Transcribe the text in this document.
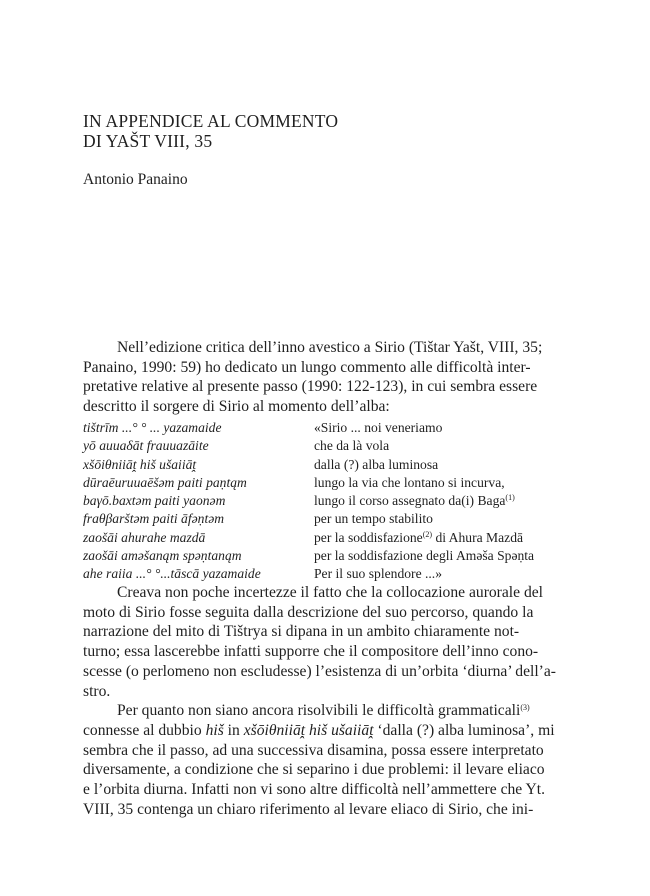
IN APPENDICE AL COMMENTO
DI YAŠT VIII, 35
Antonio Panaino

Nell’edizione critica dell’inno avestico a Sirio (Tištar Yašt, VIII, 35;

Panaino, 1990: 59) ho dedicato un lungo commento alle difficoltà inter-

pretative relative al presente passo (1990: 122-123), in cui sembra essere

descritto il sorgere di Sirio al momento dell’alba:

tištrīm ...° ° ... yazamaide	«Sirio ... noi veneriamo
yō auuaδāt frauuazāite	che da là vola
xšōiθniiāṱ hiš ušaiiāṱ	dalla (?) alba luminosa
dūraēuruuaēšəm paiti paṇtąm	lungo la via che lontano si incurva,
baγō.baxtəm paiti yaonəm	lungo il corso assegnato da(i) Baga$^{(1)}$
fraθβarštəm paiti āfəṇtəm	per un tempo stabilito
zaošāi ahurahe mazdā	per la soddisfazione$^{(2)}$ di Ahura Mazdā
zaošāi aməšanąm spəṇtanąm	per la soddisfazione degli Aməša Spəṇta
ahe raiia ...° °...tāscā yazamaide	Per il suo splendore ...»

Creava non poche incertezze il fatto che la collocazione aurorale del

moto di Sirio fosse seguita dalla descrizione del suo percorso, quando la

narrazione del mito di Tištrya si dipana in un ambito chiaramente not-

turno; essa lascerebbe infatti supporre che il compositore dell’inno cono-

scesse (o perlomeno non escludesse) l’esistenza di un’orbita ‘diurna’ dell’a-

stro.

Per quanto non siano ancora risolvibili le difficoltà grammaticali$^{(3)}$

connesse al dubbio hiš in xšōiθniiāṱ hiš ušaiiāṱ ‘dalla (?) alba luminosa’, mi

sembra che il passo, ad una successiva disamina, possa essere interpretato

diversamente, a condizione che si separino i due problemi: il levare eliaco

e l’orbita diurna. Infatti non vi sono altre difficoltà nell’ammettere che Yt.

VIII, 35 contenga un chiaro riferimento al levare eliaco di Sirio, che ini-
